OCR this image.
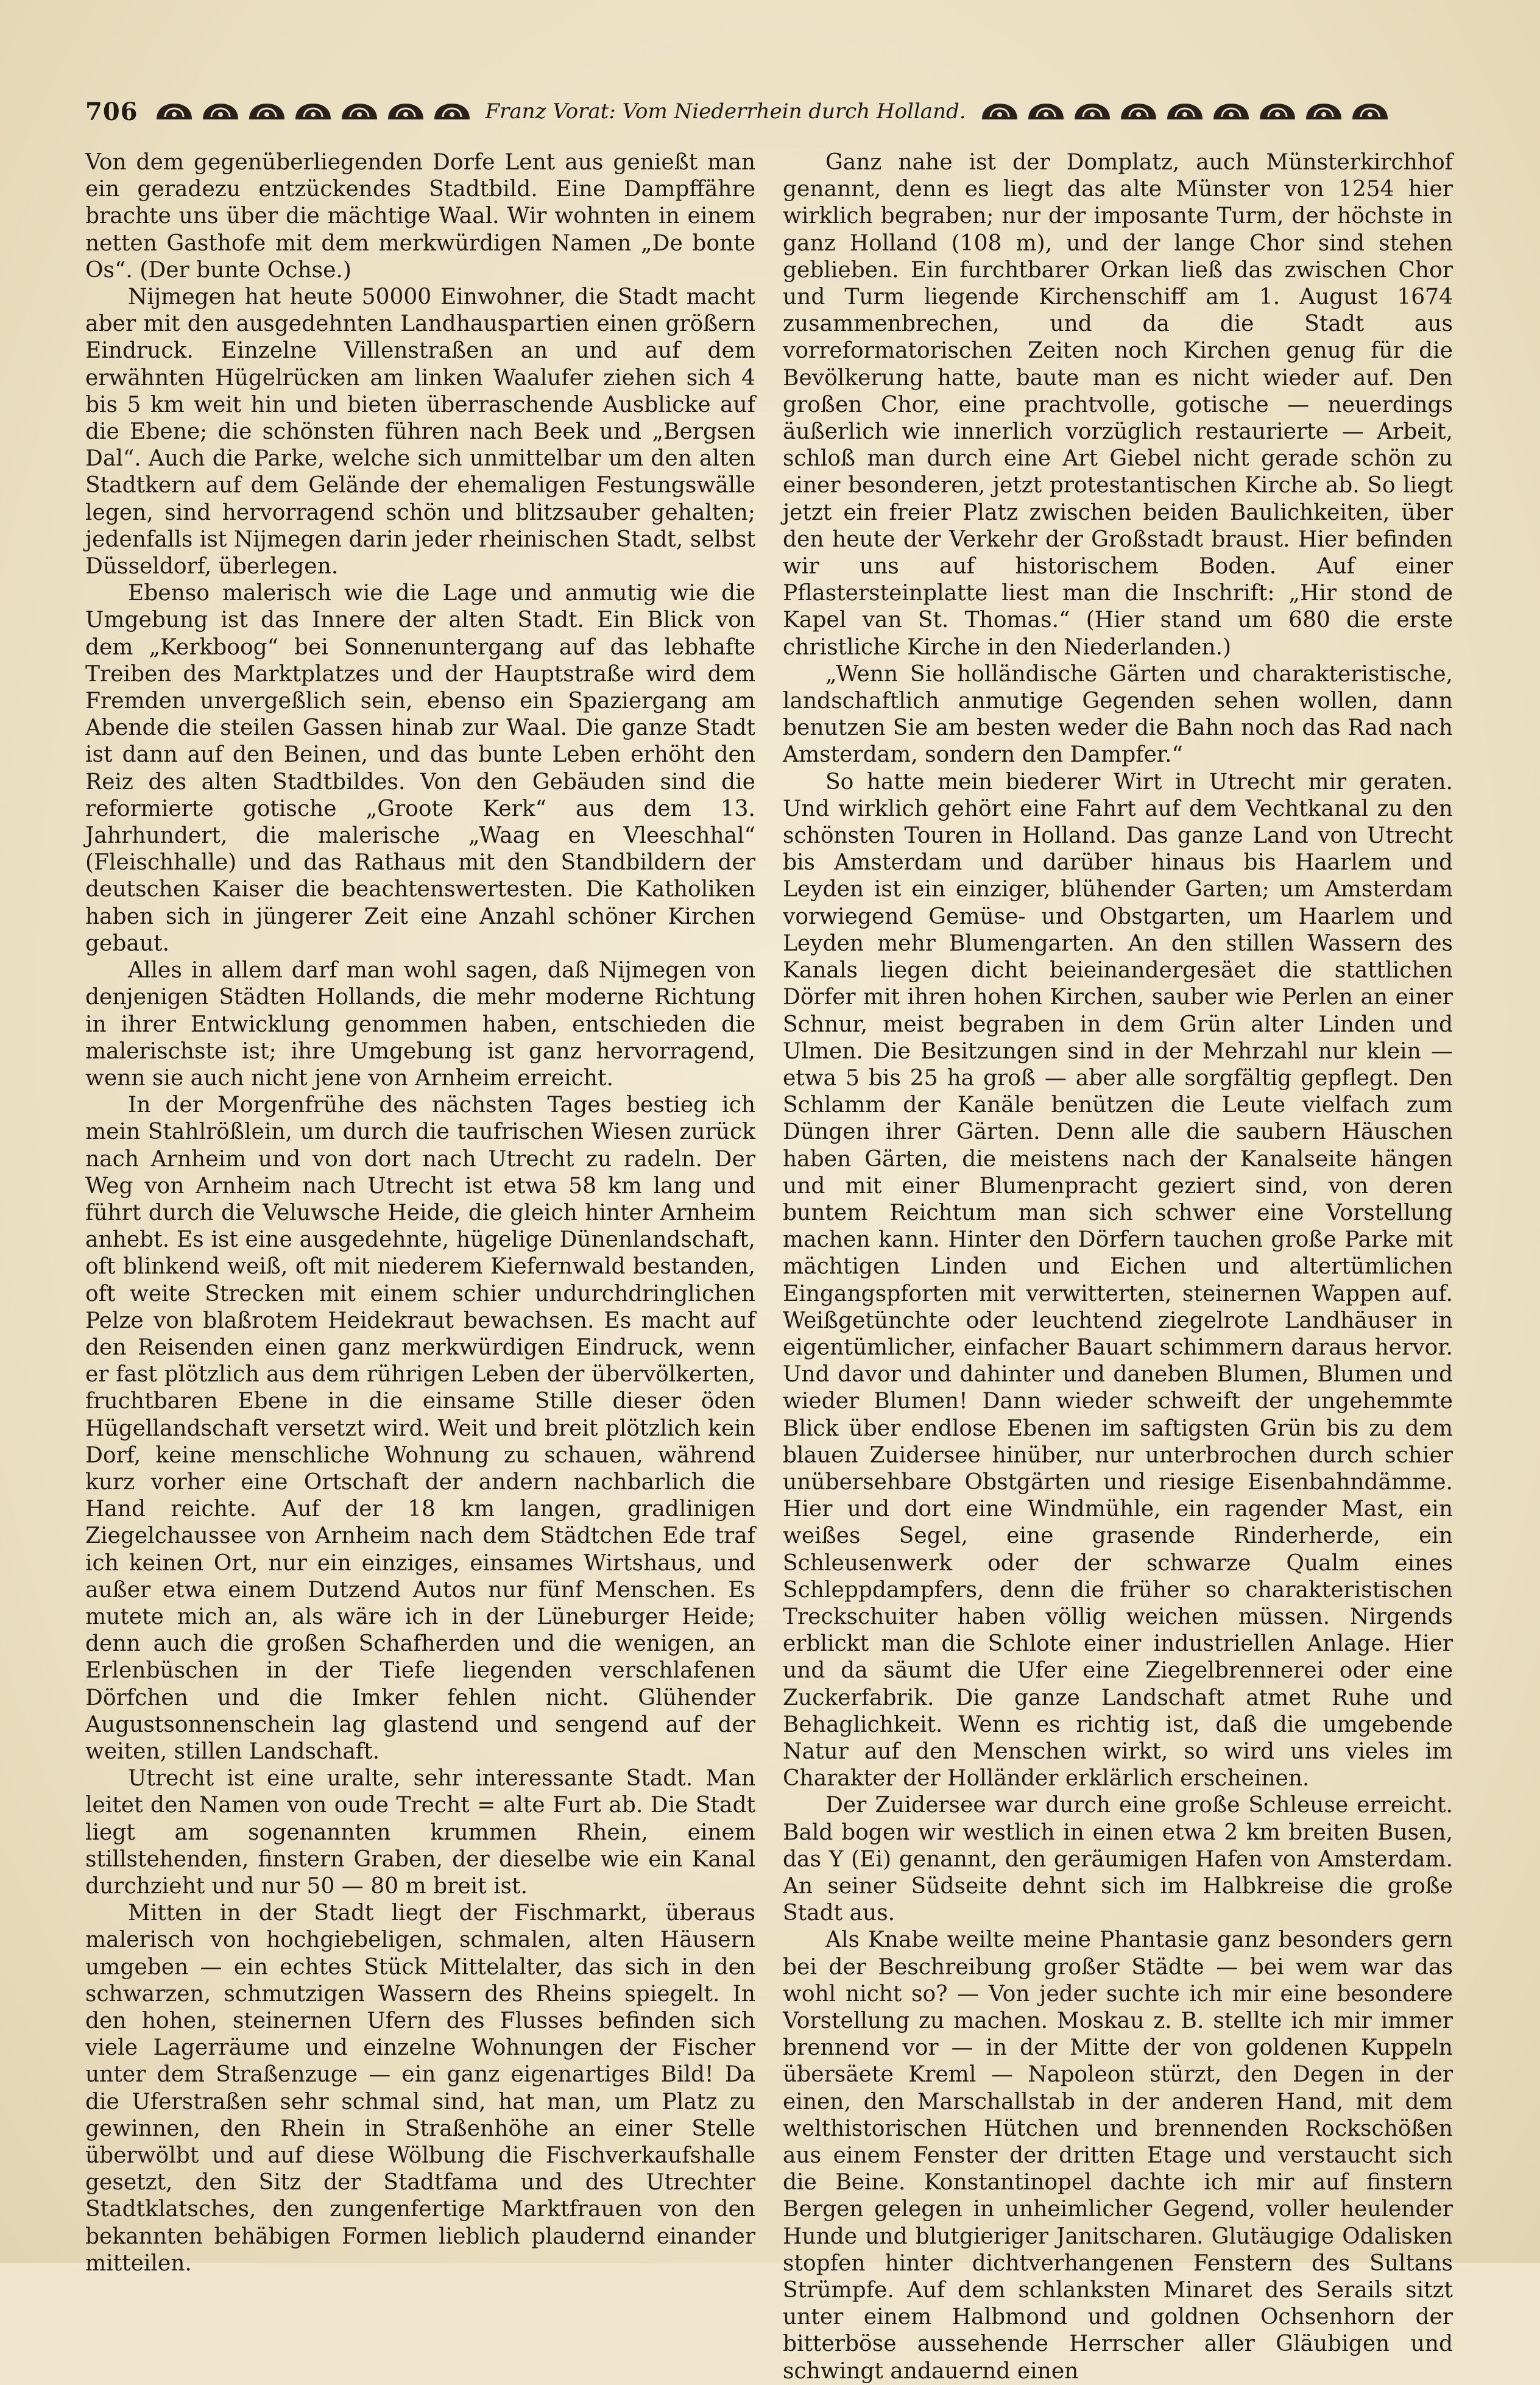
706	Franz Vorat: Vom Niederrhein durch Holland.

Von dem gegenüberliegenden Dorfe Lent aus genießt man ein geradezu entzückendes Stadtbild. Eine Dampffähre brachte uns über die mächtige Waal. Wir wohnten in einem netten Gasthofe mit dem merkwürdigen Namen „De bonte Os“. (Der bunte Ochse.)

Nijmegen hat heute 50000 Einwohner, die Stadt macht aber mit den ausgedehnten Landhauspartien einen größern Eindruck. Einzelne Villenstraßen an und auf dem erwähnten Hügelrücken am linken Waalufer ziehen sich 4 bis 5 km weit hin und bieten überraschende Ausblicke auf die Ebene; die schönsten führen nach Beek und „Bergsen Dal“. Auch die Parke, welche sich unmittelbar um den alten Stadtkern auf dem Gelände der ehemaligen Festungswälle legen, sind hervorragend schön und blitzsauber gehalten; jedenfalls ist Nijmegen darin jeder rheinischen Stadt, selbst Düsseldorf, überlegen.

Ebenso malerisch wie die Lage und anmutig wie die Umgebung ist das Innere der alten Stadt. Ein Blick von dem „Kerkboog“ bei Sonnenuntergang auf das lebhafte Treiben des Marktplatzes und der Hauptstraße wird dem Fremden unvergeßlich sein, ebenso ein Spaziergang am Abende die steilen Gassen hinab zur Waal. Die ganze Stadt ist dann auf den Beinen, und das bunte Leben erhöht den Reiz des alten Stadtbildes. Von den Gebäuden sind die reformierte gotische „Groote Kerk“ aus dem 13. Jahrhundert, die malerische „Waag en Vleeschhal“ (Fleischhalle) und das Rathaus mit den Standbildern der deutschen Kaiser die beachtenswertesten. Die Katholiken haben sich in jüngerer Zeit eine Anzahl schöner Kirchen gebaut.

Alles in allem darf man wohl sagen, daß Nijmegen von denjenigen Städten Hollands, die mehr moderne Richtung in ihrer Entwicklung genommen haben, entschieden die malerischste ist; ihre Umgebung ist ganz hervorragend, wenn sie auch nicht jene von Arnheim erreicht.

In der Morgenfrühe des nächsten Tages bestieg ich mein Stahlrößlein, um durch die taufrischen Wiesen zurück nach Arnheim und von dort nach Utrecht zu radeln. Der Weg von Arnheim nach Utrecht ist etwa 58 km lang und führt durch die Veluwsche Heide, die gleich hinter Arnheim anhebt. Es ist eine ausgedehnte, hügelige Dünenlandschaft, oft blinkend weiß, oft mit niederem Kiefernwald bestanden, oft weite Strecken mit einem schier undurchdringlichen Pelze von blaßrotem Heidekraut bewachsen. Es macht auf den Reisenden einen ganz merkwürdigen Eindruck, wenn er fast plötzlich aus dem rührigen Leben der übervölkerten, fruchtbaren Ebene in die einsame Stille dieser öden Hügellandschaft versetzt wird. Weit und breit plötzlich kein Dorf, keine menschliche Wohnung zu schauen, während kurz vorher eine Ortschaft der andern nachbarlich die Hand reichte. Auf der 18 km langen, gradlinigen Ziegelchaussee von Arnheim nach dem Städtchen Ede traf ich keinen Ort, nur ein einziges, einsames Wirtshaus, und außer etwa einem Dutzend Autos nur fünf Menschen. Es mutete mich an, als wäre ich in der Lüneburger Heide; denn auch die großen Schafherden und die wenigen, an Erlenbüschen in der Tiefe liegenden verschlafenen Dörfchen und die Imker fehlen nicht. Glühender Augustsonnenschein lag glastend und sengend auf der weiten, stillen Landschaft.

Utrecht ist eine uralte, sehr interessante Stadt. Man leitet den Namen von oude Trecht = alte Furt ab. Die Stadt liegt am sogenannten krummen Rhein, einem stillstehenden, finstern Graben, der dieselbe wie ein Kanal durchzieht und nur 50 — 80 m breit ist.

Mitten in der Stadt liegt der Fischmarkt, überaus malerisch von hochgiebeligen, schmalen, alten Häusern umgeben — ein echtes Stück Mittelalter, das sich in den schwarzen, schmutzigen Wassern des Rheins spiegelt. In den hohen, steinernen Ufern des Flusses befinden sich viele Lagerräume und einzelne Wohnungen der Fischer unter dem Straßenzuge — ein ganz eigenartiges Bild! Da die Uferstraßen sehr schmal sind, hat man, um Platz zu gewinnen, den Rhein in Straßenhöhe an einer Stelle überwölbt und auf diese Wölbung die Fischverkaufshalle gesetzt, den Sitz der Stadtfama und des Utrechter Stadtklatsches, den zungenfertige Marktfrauen von den bekannten behäbigen Formen lieblich plaudernd einander mitteilen.

Ganz nahe ist der Domplatz, auch Münsterkirchhof genannt, denn es liegt das alte Münster von 1254 hier wirklich begraben; nur der imposante Turm, der höchste in ganz Holland (108 m), und der lange Chor sind stehen geblieben. Ein furchtbarer Orkan ließ das zwischen Chor und Turm liegende Kirchenschiff am 1. August 1674 zusammenbrechen, und da die Stadt aus vorreformatorischen Zeiten noch Kirchen genug für die Bevölkerung hatte, baute man es nicht wieder auf. Den großen Chor, eine prachtvolle, gotische — neuerdings äußerlich wie innerlich vorzüglich restaurierte — Arbeit, schloß man durch eine Art Giebel nicht gerade schön zu einer besonderen, jetzt protestantischen Kirche ab. So liegt jetzt ein freier Platz zwischen beiden Baulichkeiten, über den heute der Verkehr der Großstadt braust. Hier befinden wir uns auf historischem Boden. Auf einer Pflastersteinplatte liest man die Inschrift: „Hir stond de Kapel van St. Thomas.“ (Hier stand um 680 die erste christliche Kirche in den Niederlanden.)

„Wenn Sie holländische Gärten und charakteristische, landschaftlich anmutige Gegenden sehen wollen, dann benutzen Sie am besten weder die Bahn noch das Rad nach Amsterdam, sondern den Dampfer.“

So hatte mein biederer Wirt in Utrecht mir geraten. Und wirklich gehört eine Fahrt auf dem Vechtkanal zu den schönsten Touren in Holland. Das ganze Land von Utrecht bis Amsterdam und darüber hinaus bis Haarlem und Leyden ist ein einziger, blühender Garten; um Amsterdam vorwiegend Gemüse- und Obstgarten, um Haarlem und Leyden mehr Blumengarten. An den stillen Wassern des Kanals liegen dicht beieinandergesäet die stattlichen Dörfer mit ihren hohen Kirchen, sauber wie Perlen an einer Schnur, meist begraben in dem Grün alter Linden und Ulmen. Die Besitzungen sind in der Mehrzahl nur klein — etwa 5 bis 25 ha groß — aber alle sorgfältig gepflegt. Den Schlamm der Kanäle benützen die Leute vielfach zum Düngen ihrer Gärten. Denn alle die saubern Häuschen haben Gärten, die meistens nach der Kanalseite hängen und mit einer Blumenpracht geziert sind, von deren buntem Reichtum man sich schwer eine Vorstellung machen kann. Hinter den Dörfern tauchen große Parke mit mächtigen Linden und Eichen und altertümlichen Eingangspforten mit verwitterten, steinernen Wappen auf. Weißgetünchte oder leuchtend ziegelrote Landhäuser in eigentümlicher, einfacher Bauart schimmern daraus hervor. Und davor und dahinter und daneben Blumen, Blumen und wieder Blumen! Dann wieder schweift der ungehemmte Blick über endlose Ebenen im saftigsten Grün bis zu dem blauen Zuidersee hinüber, nur unterbrochen durch schier unübersehbare Obstgärten und riesige Eisenbahndämme. Hier und dort eine Windmühle, ein ragender Mast, ein weißes Segel, eine grasende Rinderherde, ein Schleusenwerk oder der schwarze Qualm eines Schleppdampfers, denn die früher so charakteristischen Treckschuiter haben völlig weichen müssen. Nirgends erblickt man die Schlote einer industriellen Anlage. Hier und da säumt die Ufer eine Ziegelbrennerei oder eine Zuckerfabrik. Die ganze Landschaft atmet Ruhe und Behaglichkeit. Wenn es richtig ist, daß die umgebende Natur auf den Menschen wirkt, so wird uns vieles im Charakter der Holländer erklärlich erscheinen.

Der Zuidersee war durch eine große Schleuse erreicht. Bald bogen wir westlich in einen etwa 2 km breiten Busen, das Y (Ei) genannt, den geräumigen Hafen von Amsterdam. An seiner Südseite dehnt sich im Halbkreise die große Stadt aus.

Als Knabe weilte meine Phantasie ganz besonders gern bei der Beschreibung großer Städte — bei wem war das wohl nicht so? — Von jeder suchte ich mir eine besondere Vorstellung zu machen. Moskau z. B. stellte ich mir immer brennend vor — in der Mitte der von goldenen Kuppeln übersäete Kreml — Napoleon stürzt, den Degen in der einen, den Marschallstab in der anderen Hand, mit dem welthistorischen Hütchen und brennenden Rockschößen aus einem Fenster der dritten Etage und verstaucht sich die Beine. Konstantinopel dachte ich mir auf finstern Bergen gelegen in unheimlicher Gegend, voller heulender Hunde und blutgieriger Janitscharen. Glutäugige Odalisken stopfen hinter dichtverhangenen Fenstern des Sultans Strümpfe. Auf dem schlanksten Minaret des Serails sitzt unter einem Halbmond und goldnen Ochsenhorn der bitterböse aussehende Herrscher aller Gläubigen und schwingt andauernd einen
